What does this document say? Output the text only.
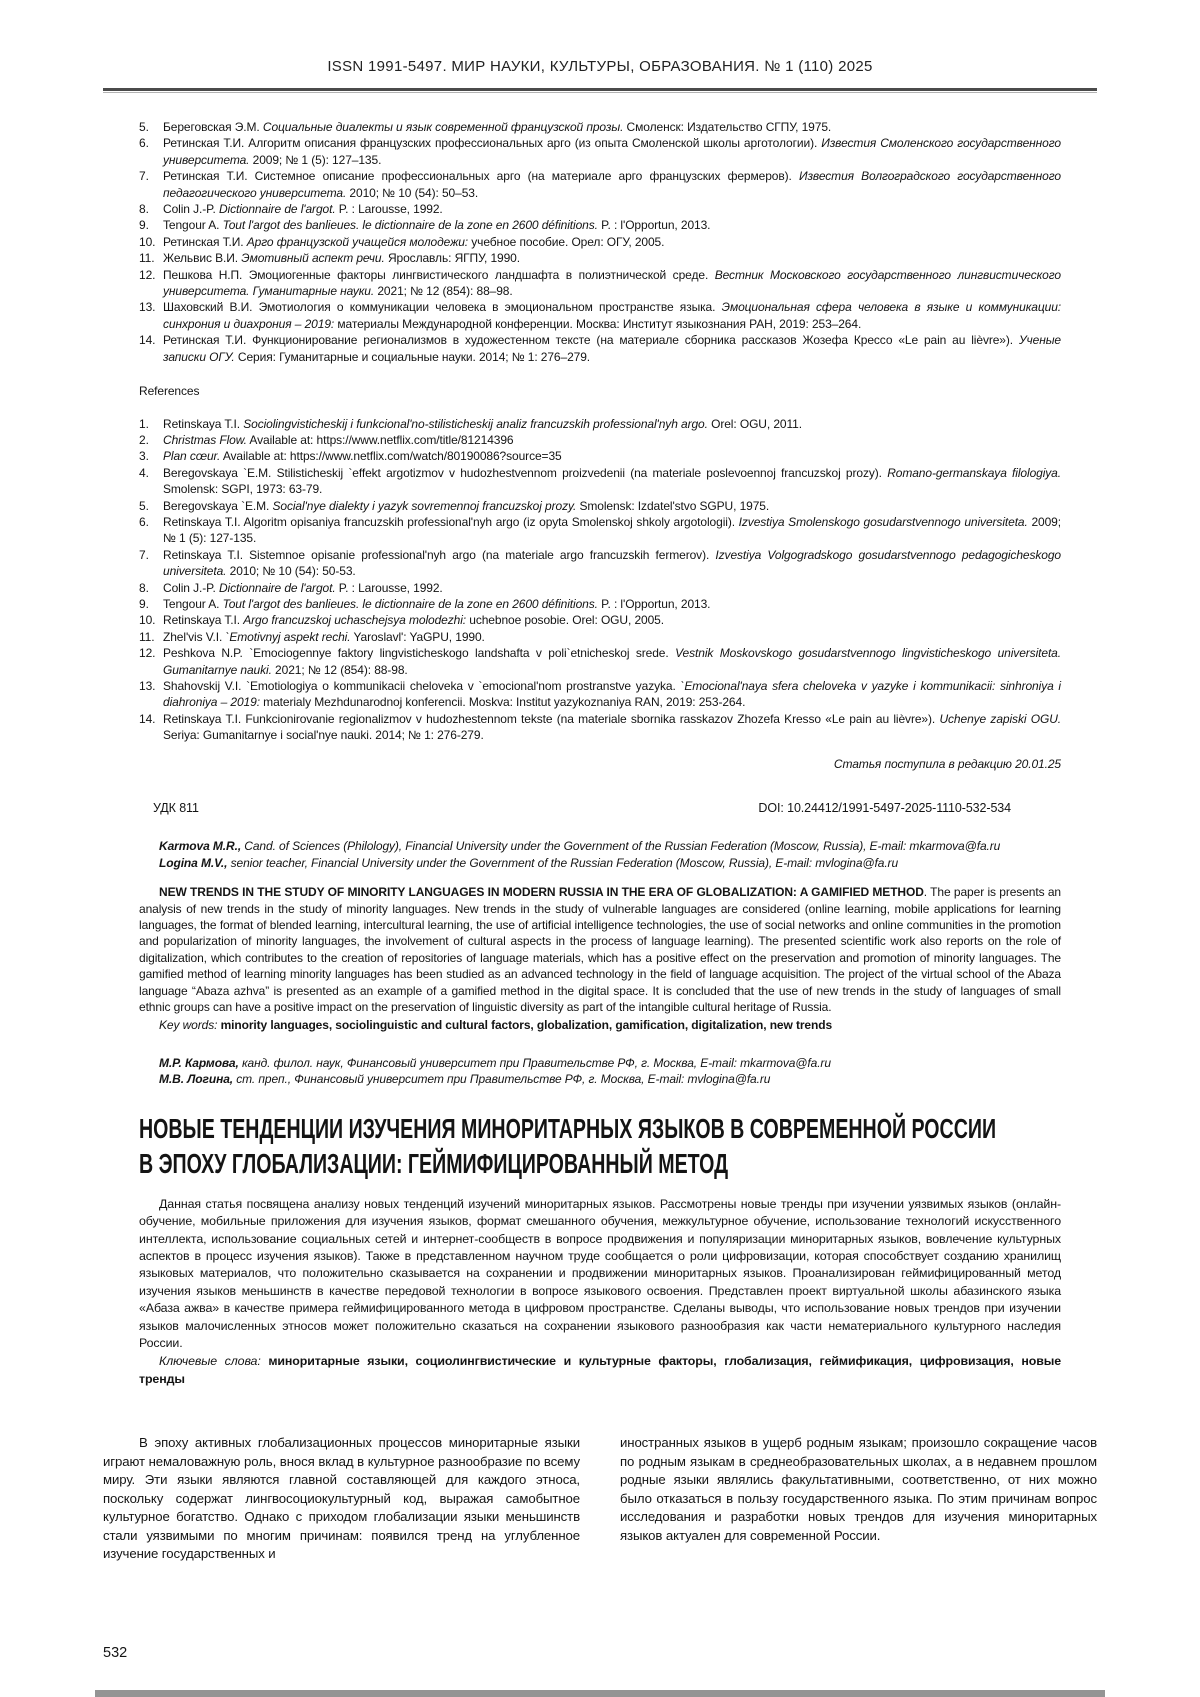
ISSN 1991-5497. МИР НАУКИ, КУЛЬТУРЫ, ОБРАЗОВАНИЯ. № 1 (110) 2025
5.	Береговская Э.М. Социальные диалекты и язык современной французской прозы. Смоленск: Издательство СГПУ, 1975.
6.	Ретинская Т.И. Алгоритм описания французских профессиональных арго (из опыта Смоленской школы арготологии). Известия Смоленского государственного университета. 2009; № 1 (5): 127–135.
7.	Ретинская Т.И. Системное описание профессиональных арго (на материале арго французских фермеров). Известия Волгоградского государственного педагогического университета. 2010; № 10 (54): 50–53.
8.	Colin J.-P. Dictionnaire de l'argot. P. : Larousse, 1992.
9.	Tengour A. Tout l'argot des banlieues. le dictionnaire de la zone en 2600 définitions. P. : l'Opportun, 2013.
10. Ретинская Т.И. Арго французской учащейся молодежи: учебное пособие. Орел: ОГУ, 2005.
11. Жельвис В.И. Эмотивный аспект речи. Ярославль: ЯГПУ, 1990.
12. Пешкова Н.П. Эмоциогенные факторы лингвистического ландшафта в полиэтнической среде. Вестник Московского государственного лингвистического университета. Гуманитарные науки. 2021; № 12 (854): 88–98.
13. Шаховский В.И. Эмотиология о коммуникации человека в эмоциональном пространстве языка. Эмоциональная сфера человека в языке и коммуникации: синхрония и диахрония – 2019: материалы Международной конференции. Москва: Институт языкознания РАН, 2019: 253–264.
14. Ретинская Т.И. Функционирование регионализмов в художестенном тексте (на материале сборника рассказов Жозефа Крессо «Le pain au lièvre»). Ученые записки ОГУ. Серия: Гуманитарные и социальные науки. 2014; № 1: 276–279.
References
1.	Retinskaya T.I. Sociolingvisticheskij i funkcional'no-stilisticheskij analiz francuzskih professional'nyh argo. Orel: OGU, 2011.
2.	Christmas Flow. Available at: https://www.netflix.com/title/81214396
3.	Plan cœur. Available at: https://www.netflix.com/watch/80190086?source=35
4.	Beregovskaya `E.M. Stilisticheskij `effekt argotizmov v hudozhestvennom proizvedenii (na materiale poslevoennoj francuzskoj prozy). Romano-germanskaya filologiya. Smolensk: SGPI, 1973: 63-79.
5.	Beregovskaya `E.M. Social'nye dialekty i yazyk sovremennoj francuzskoj prozy. Smolensk: Izdatel'stvo SGPU, 1975.
6.	Retinskaya T.I. Algoritm opisaniya francuzskih professional'nyh argo (iz opyta Smolenskoj shkoly argotologii). Izvestiya Smolenskogo gosudarstvennogo universiteta. 2009; № 1 (5): 127-135.
7.	Retinskaya T.I. Sistemnoe opisanie professional'nyh argo (na materiale argo francuzskih fermerov). Izvestiya Volgogradskogo gosudarstvennogo pedagogicheskogo universiteta. 2010; № 10 (54): 50-53.
8.	Colin J.-P. Dictionnaire de l'argot. P. : Larousse, 1992.
9.	Tengour A. Tout l'argot des banlieues. le dictionnaire de la zone en 2600 définitions. P. : l'Opportun, 2013.
10. Retinskaya T.I. Argo francuzskoj uchaschejsya molodezhi: uchebnoe posobie. Orel: OGU, 2005.
11. Zhel'vis V.I. `Emotivnyj aspekt rechi. Yaroslavl': YaGPU, 1990.
12. Peshkova N.P. `Emociogennye faktory lingvisticheskogo landshafta v poli`etnicheskoj srede. Vestnik Moskovskogo gosudarstvennogo lingvisticheskogo universiteta. Gumanitarnye nauki. 2021; № 12 (854): 88-98.
13. Shahovskij V.I. `Emotiologiya o kommunikacii cheloveka v `emocional'nom prostranstve yazyka. `Emocional'naya sfera cheloveka v yazyke i kommunikacii: sinhroniya i diahroniya – 2019: materialy Mezhdunarodnoj konferencii. Moskva: Institut yazykoznaniya RAN, 2019: 253-264.
14. Retinskaya T.I. Funkcionirovanie regionalizmov v hudozhestennom tekste (na materiale sbornika rasskazov Zhozefa Kresso «Le pain au lièvre»). Uchenye zapiski OGU. Seriya: Gumanitarnye i social'nye nauki. 2014; № 1: 276-279.
Статья поступила в редакцию 20.01.25
УДК 811	DOI: 10.24412/1991-5497-2025-1110-532-534
Karmova M.R., Cand. of Sciences (Philology), Financial University under the Government of the Russian Federation (Moscow, Russia), E-mail: mkarmova@fa.ru
Logina M.V., senior teacher, Financial University under the Government of the Russian Federation (Moscow, Russia), E-mail: mvlogina@fa.ru
NEW TRENDS IN THE STUDY OF MINORITY LANGUAGES IN MODERN RUSSIA IN THE ERA OF GLOBALIZATION: A GAMIFIED METHOD. The paper is presents an analysis of new trends in the study of minority languages. New trends in the study of vulnerable languages are considered (online learning, mobile applications for learning languages, the format of blended learning, intercultural learning, the use of artificial intelligence technologies, the use of social networks and online communities in the promotion and popularization of minority languages, the involvement of cultural aspects in the process of language learning). The presented scientific work also reports on the role of digitalization, which contributes to the creation of repositories of language materials, which has a positive effect on the preservation and promotion of minority languages. The gamified method of learning minority languages has been studied as an advanced technology in the field of language acquisition. The project of the virtual school of the Abaza language “Abaza azhva” is presented as an example of a gamified method in the digital space. It is concluded that the use of new trends in the study of languages of small ethnic groups can have a positive impact on the preservation of linguistic diversity as part of the intangible cultural heritage of Russia.
Key words: minority languages, sociolinguistic and cultural factors, globalization, gamification, digitalization, new trends
М.Р. Кармова, канд. филол. наук, Финансовый университет при Правительстве РФ, г. Москва, E-mail: mkarmova@fa.ru
М.В. Логина, ст. преп., Финансовый университет при Правительстве РФ, г. Москва, E-mail: mvlogina@fa.ru
НОВЫЕ ТЕНДЕНЦИИ ИЗУЧЕНИЯ МИНОРИТАРНЫХ ЯЗЫКОВ В СОВРЕМЕННОЙ РОССИИ
В ЭПОХУ ГЛОБАЛИЗАЦИИ: ГЕЙМИФИЦИРОВАННЫЙ МЕТОД
Данная статья посвящена анализу новых тенденций изучений миноритарных языков. Рассмотрены новые тренды при изучении уязвимых языков (онлайн-обучение, мобильные приложения для изучения языков, формат смешанного обучения, межкультурное обучение, использование технологий искусственного интеллекта, использование социальных сетей и интернет-сообществ в вопросе продвижения и популяризации миноритарных языков, вовлечение культурных аспектов в процесс изучения языков). Также в представленном научном труде сообщается о роли цифровизации, которая способствует созданию хранилищ языковых материалов, что положительно сказывается на сохранении и продвижении миноритарных языков. Проанализирован геймифицированный метод изучения языков меньшинств в качестве передовой технологии в вопросе языкового освоения. Представлен проект виртуальной школы абазинского языка «Абаза ажва» в качестве примера геймифицированного метода в цифровом пространстве. Сделаны выводы, что использование новых трендов при изучении языков малочисленных этносов может положительно сказаться на сохранении языкового разнообразия как части нематериального культурного наследия России.
Ключевые слова: миноритарные языки, социолингвистические и культурные факторы, глобализация, геймификация, цифровизация, новые тренды

В эпоху активных глобализационных процессов миноритарные языки играют немаловажную роль, внося вклад в культурное разнообразие по всему миру. Эти языки являются главной составляющей для каждого этноса, поскольку содержат лингвосоциокультурный код, выражая самобытное культурное богатство. Однако с приходом глобализации языки меньшинств стали уязвимыми по многим причинам: появился тренд на углубленное изучение государственных и

иностранных языков в ущерб родным языкам; произошло сокращение часов по родным языкам в среднеобразовательных школах, а в недавнем прошлом родные языки являлись факультативными, соответственно, от них можно было отказаться в пользу государственного языка. По этим причинам вопрос исследования и разработки новых трендов для изучения миноритарных языков актуален для современной России.

532
